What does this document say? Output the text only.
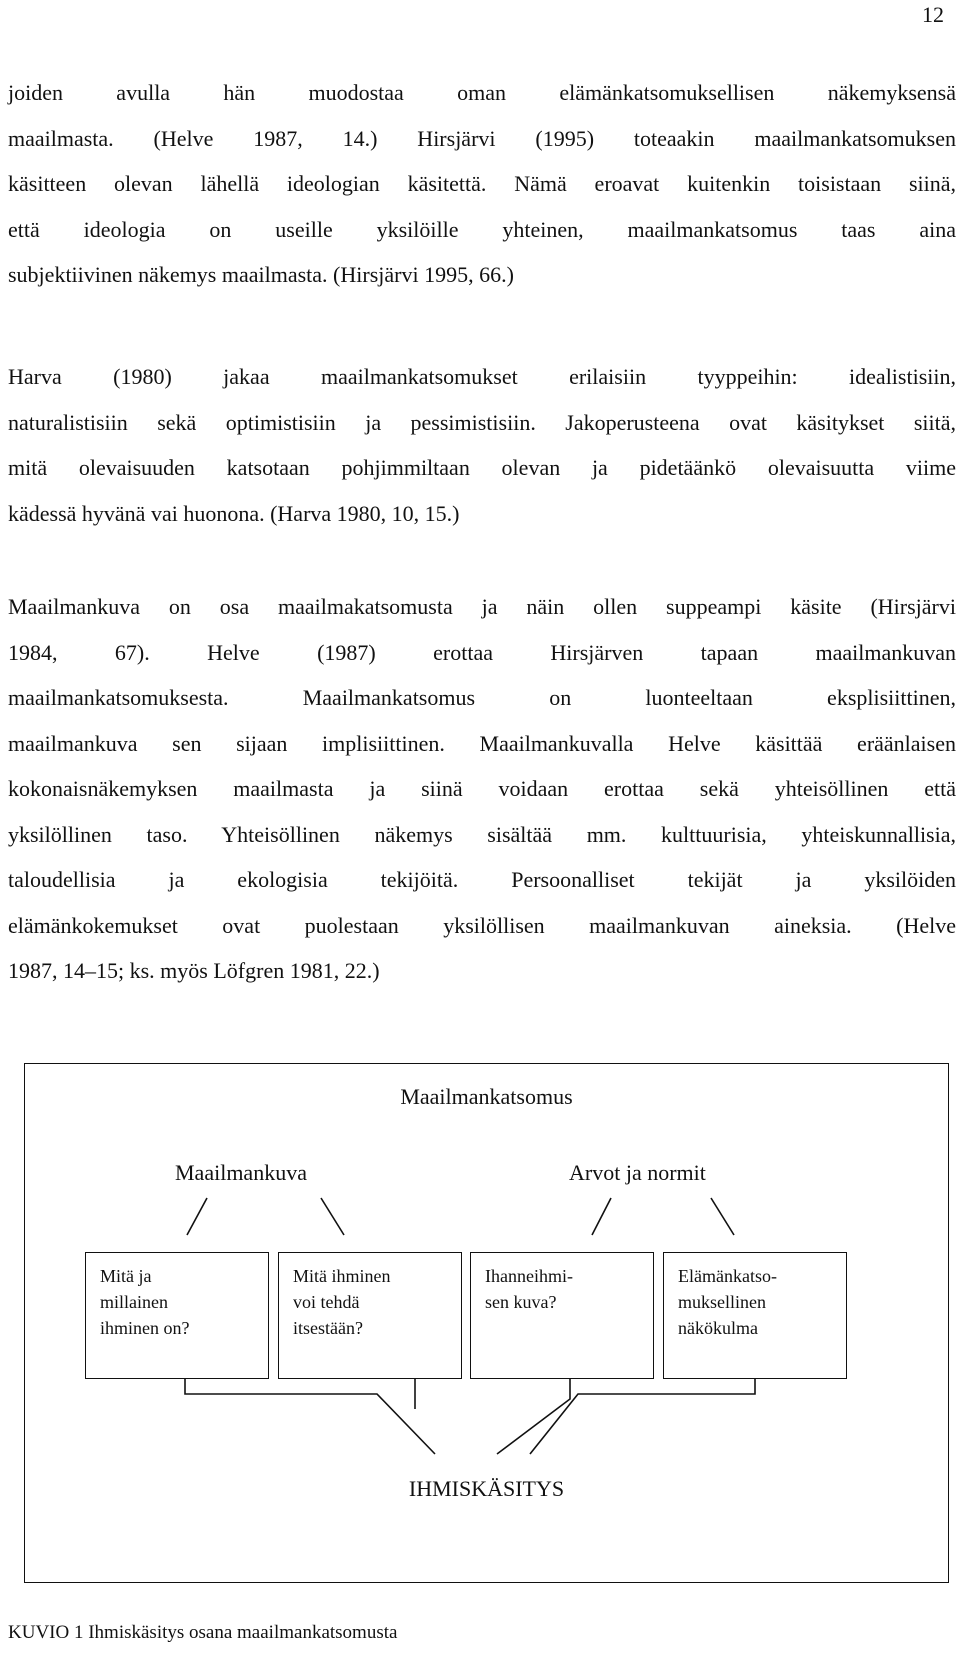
12
joiden avulla hän muodostaa oman elämänkatsomuksellisen näkemyksensä
maailmasta. (Helve 1987, 14.) Hirsjärvi (1995) toteaakin maailmankatsomuksen
käsitteen olevan lähellä ideologian käsitettä. Nämä eroavat kuitenkin toisistaan siinä,
että ideologia on useille yksilöille yhteinen, maailmankatsomus taas aina
subjektiivinen näkemys maailmasta. (Hirsjärvi 1995, 66.)
Harva (1980) jakaa maailmankatsomukset erilaisiin tyyppeihin: idealistisiin,
naturalistisiin sekä optimistisiin ja pessimistisiin. Jakoperusteena ovat käsitykset siitä,
mitä olevaisuuden katsotaan pohjimmiltaan olevan ja pidetäänkö olevaisuutta viime
kädessä hyvänä vai huonona. (Harva 1980, 10, 15.)
Maailmankuva on osa maailmakatsomusta ja näin ollen suppeampi käsite (Hirsjärvi
1984, 67). Helve (1987) erottaa Hirsjärven tapaan maailmankuvan
maailmankatsomuksesta. Maailmankatsomus on luonteeltaan eksplisiittinen,
maailmankuva sen sijaan implisiittinen. Maailmankuvalla Helve käsittää eräänlaisen
kokonaisnäkemyksen maailmasta ja siinä voidaan erottaa sekä yhteisöllinen että
yksilöllinen taso. Yhteisöllinen näkemys sisältää mm. kulttuurisia, yhteiskunnallisia,
taloudellisia ja ekologisia tekijöitä. Persoonalliset tekijät ja yksilöiden
elämänkokemukset ovat puolestaan yksilöllisen maailmankuvan aineksia. (Helve
1987, 14–15; ks. myös Löfgren 1981, 22.)
Maailmankatsomus
Maailmankuva	Arvot ja normit
Mitä ja
millainen
ihminen on?
Mitä ihminen
voi tehdä
itsestään?
Ihanneihmi-
sen kuva?
Elämänkatso-
muksellinen
näkökulma
IHMISKÄSITYS
KUVIO 1 Ihmiskäsitys osana maailmankatsomusta
